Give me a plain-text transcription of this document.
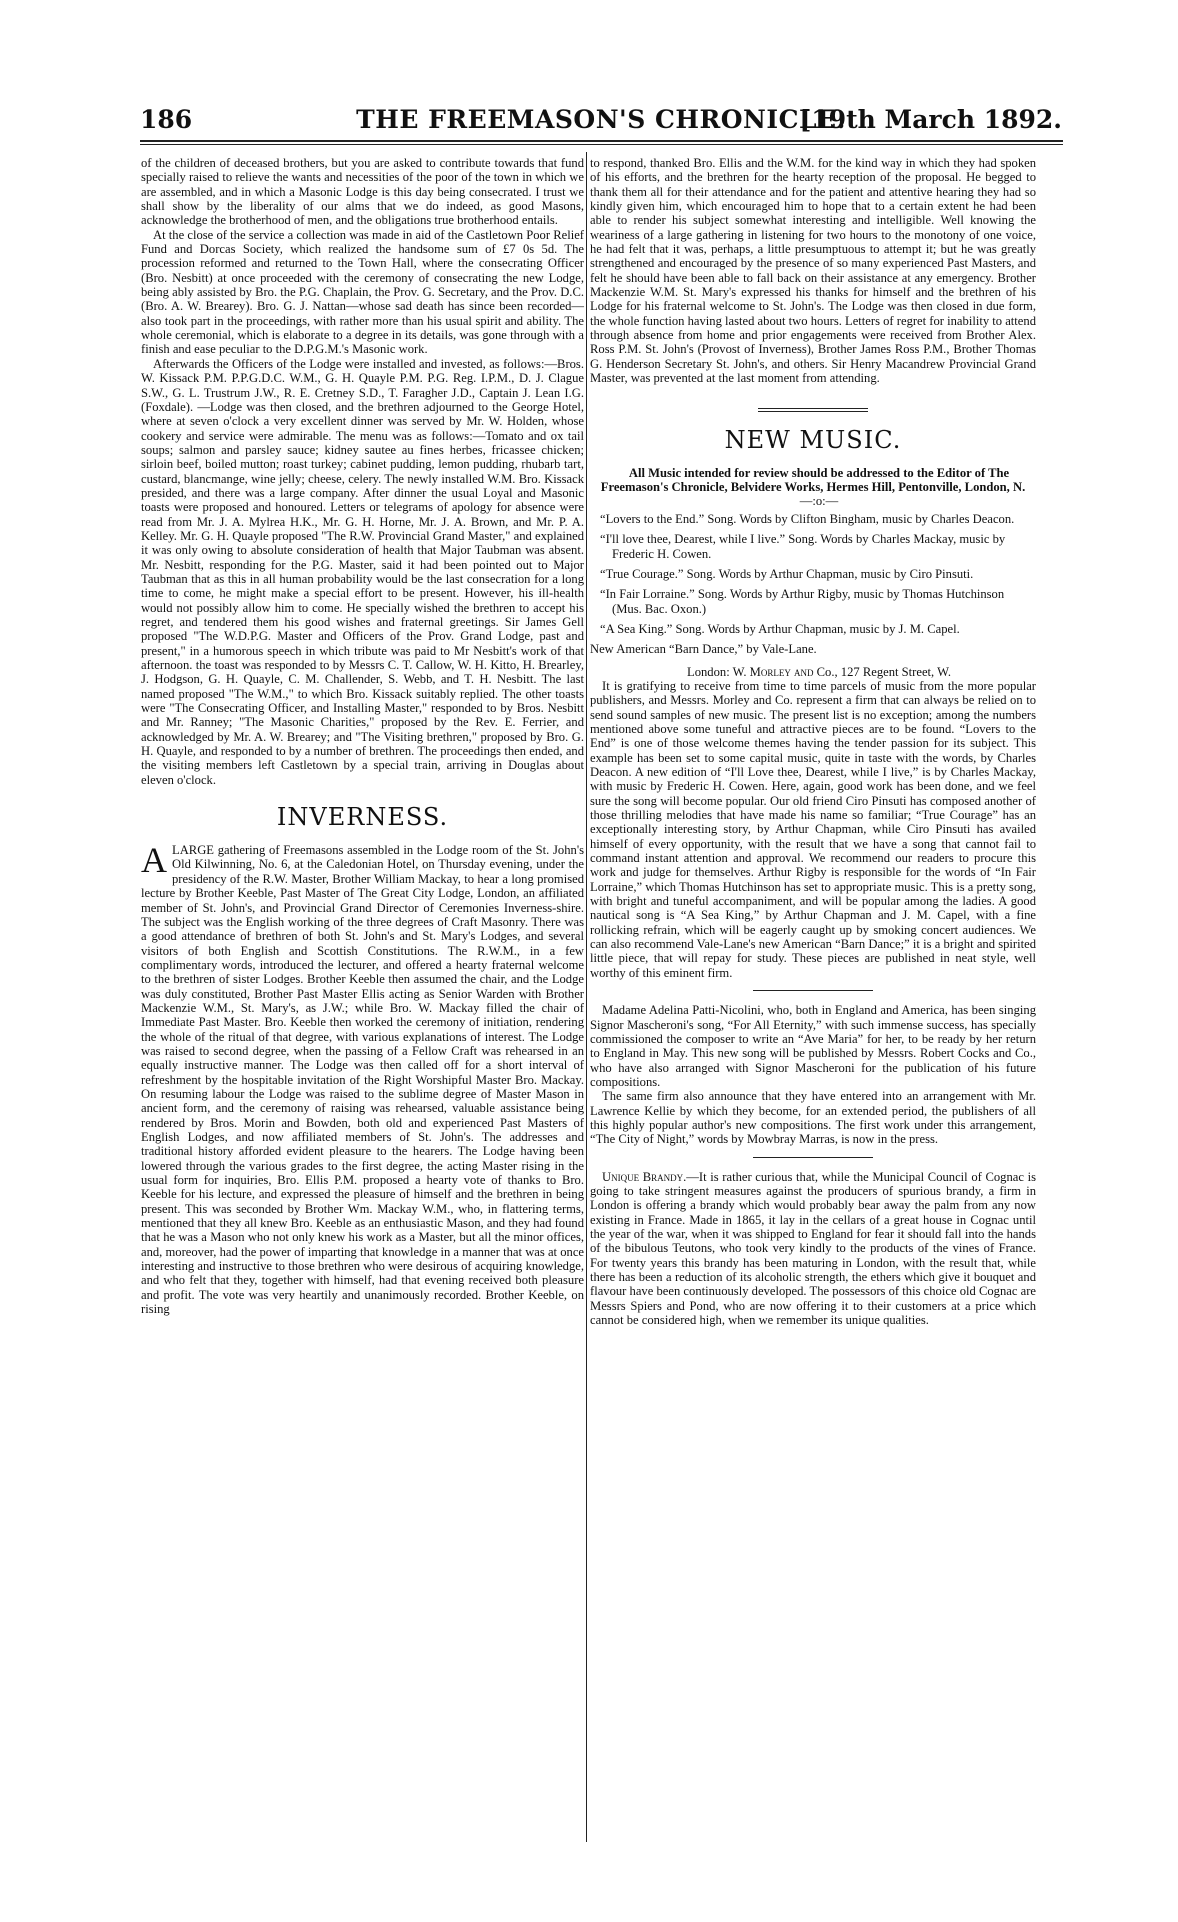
186	THE FREEMASON'S CHRONICLE.
[19th March 1892.

of the children of deceased brothers, but you are asked to contribute towards that fund specially raised to relieve the wants and necessities of the poor of the town in which we are assembled, and in which a Masonic Lodge is this day being consecrated. I trust we shall show by the liberality of our alms that we do indeed, as good Masons, acknowledge the brotherhood of men, and the obligations true brotherhood entails.

At the close of the service a collection was made in aid of the Castletown Poor Relief Fund and Dorcas Society, which realized the handsome sum of £7 0s 5d. The procession reformed and returned to the Town Hall, where the consecrating Officer (Bro. Nesbitt) at once proceeded with the ceremony of consecrating the new Lodge, being ably assisted by Bro. the P.G. Chaplain, the Prov. G. Secretary, and the Prov. D.C. (Bro. A. W. Brearey). Bro. G. J. Nattan—whose sad death has since been recorded—also took part in the proceedings, with rather more than his usual spirit and ability. The whole ceremonial, which is elaborate to a degree in its details, was gone through with a finish and ease peculiar to the D.P.G.M.'s Masonic work.

Afterwards the Officers of the Lodge were installed and invested, as follows:—Bros. W. Kissack P.M. P.P.G.D.C. W.M., G. H. Quayle P.M. P.G. Reg. I.P.M., D. J. Clague S.W., G. L. Trustrum J.W., R. E. Cretney S.D., T. Faragher J.D., Captain J. Lean I.G. (Foxdale). —Lodge was then closed, and the brethren adjourned to the George Hotel, where at seven o'clock a very excellent dinner was served by Mr. W. Holden, whose cookery and service were admirable. The menu was as follows:—Tomato and ox tail soups; salmon and parsley sauce; kidney sautee au fines herbes, fricassee chicken; sirloin beef, boiled mutton; roast turkey; cabinet pudding, lemon pudding, rhubarb tart, custard, blancmange, wine jelly; cheese, celery. The newly installed W.M. Bro. Kissack presided, and there was a large company. After dinner the usual Loyal and Masonic toasts were proposed and honoured. Letters or telegrams of apology for absence were read from Mr. J. A. Mylrea H.K., Mr. G. H. Horne, Mr. J. A. Brown, and Mr. P. A. Kelley. Mr. G. H. Quayle proposed "The R.W. Provincial Grand Master," and explained it was only owing to absolute consideration of health that Major Taubman was absent. Mr. Nesbitt, responding for the P.G. Master, said it had been pointed out to Major Taubman that as this in all human probability would be the last consecration for a long time to come, he might make a special effort to be present. However, his ill-health would not possibly allow him to come. He specially wished the brethren to accept his regret, and tendered them his good wishes and fraternal greetings. Sir James Gell proposed "The W.D.P.G. Master and Officers of the Prov. Grand Lodge, past and present," in a humorous speech in which tribute was paid to Mr Nesbitt's work of that afternoon. the toast was responded to by Messrs C. T. Callow, W. H. Kitto, H. Brearley, J. Hodgson, G. H. Quayle, C. M. Challender, S. Webb, and T. H. Nesbitt. The last named proposed "The W.M.," to which Bro. Kissack suitably replied. The other toasts were "The Consecrating Officer, and Installing Master," responded to by Bros. Nesbitt and Mr. Ranney; "The Masonic Charities," proposed by the Rev. E. Ferrier, and acknowledged by Mr. A. W. Brearey; and "The Visiting brethren," proposed by Bro. G. H. Quayle, and responded to by a number of brethren. The proceedings then ended, and the visiting members left Castletown by a special train, arriving in Douglas about eleven o'clock.

INVERNESS.

ALARGE gathering of Freemasons assembled in the Lodge room of the St. John's Old Kilwinning, No. 6, at the Caledonian Hotel, on Thursday evening, under the presidency of the R.W. Master, Brother William Mackay, to hear a long promised lecture by Brother Keeble, Past Master of The Great City Lodge, London, an affiliated member of St. John's, and Provincial Grand Director of Ceremonies Inverness-shire. The subject was the English working of the three degrees of Craft Masonry. There was a good attendance of brethren of both St. John's and St. Mary's Lodges, and several visitors of both English and Scottish Constitutions. The R.W.M., in a few complimentary words, introduced the lecturer, and offered a hearty fraternal welcome to the brethren of sister Lodges. Brother Keeble then assumed the chair, and the Lodge was duly constituted, Brother Past Master Ellis acting as Senior Warden with Brother Mackenzie W.M., St. Mary's, as J.W.; while Bro. W. Mackay filled the chair of Immediate Past Master. Bro. Keeble then worked the ceremony of initiation, rendering the whole of the ritual of that degree, with various explanations of interest. The Lodge was raised to second degree, when the passing of a Fellow Craft was rehearsed in an equally instructive manner. The Lodge was then called off for a short interval of refreshment by the hospitable invitation of the Right Worshipful Master Bro. Mackay. On resuming labour the Lodge was raised to the sublime degree of Master Mason in ancient form, and the ceremony of raising was rehearsed, valuable assistance being rendered by Bros. Morin and Bowden, both old and experienced Past Masters of English Lodges, and now affiliated members of St. John's. The addresses and traditional history afforded evident pleasure to the hearers. The Lodge having been lowered through the various grades to the first degree, the acting Master rising in the usual form for inquiries, Bro. Ellis P.M. proposed a hearty vote of thanks to Bro. Keeble for his lecture, and expressed the pleasure of himself and the brethren in being present. This was seconded by Brother Wm. Mackay W.M., who, in flattering terms, mentioned that they all knew Bro. Keeble as an enthusiastic Mason, and they had found that he was a Mason who not only knew his work as a Master, but all the minor offices, and, moreover, had the power of imparting that knowledge in a manner that was at once interesting and instructive to those brethren who were desirous of acquiring knowledge, and who felt that they, together with himself, had that evening received both pleasure and profit. The vote was very heartily and unanimously recorded. Brother Keeble, on rising

to respond, thanked Bro. Ellis and the W.M. for the kind way in which they had spoken of his efforts, and the brethren for the hearty reception of the proposal. He begged to thank them all for their attendance and for the patient and attentive hearing they had so kindly given him, which encouraged him to hope that to a certain extent he had been able to render his subject somewhat interesting and intelligible. Well knowing the weariness of a large gathering in listening for two hours to the monotony of one voice, he had felt that it was, perhaps, a little presumptuous to attempt it; but he was greatly strengthened and encouraged by the presence of so many experienced Past Masters, and felt he should have been able to fall back on their assistance at any emergency. Brother Mackenzie W.M. St. Mary's expressed his thanks for himself and the brethren of his Lodge for his fraternal welcome to St. John's. The Lodge was then closed in due form, the whole function having lasted about two hours. Letters of regret for inability to attend through absence from home and prior engagements were received from Brother Alex. Ross P.M. St. John's (Provost of Inverness), Brother James Ross P.M., Brother Thomas G. Henderson Secretary St. John's, and others. Sir Henry Macandrew Provincial Grand Master, was prevented at the last moment from attending.

NEW MUSIC.

All Music intended for review should be addressed to the Editor of The Freemason's Chronicle, Belvidere Works, Hermes Hill, Pentonville, London, N.

—:o:—

“Lovers to the End.” Song. Words by Clifton Bingham, music by Charles Deacon.

“I'll love thee, Dearest, while I live.” Song. Words by Charles Mackay, music by Frederic H. Cowen.

“True Courage.” Song. Words by Arthur Chapman, music by Ciro Pinsuti.

“In Fair Lorraine.” Song. Words by Arthur Rigby, music by Thomas Hutchinson (Mus. Bac. Oxon.)

“A Sea King.” Song. Words by Arthur Chapman, music by J. M. Capel.

New American “Barn Dance,” by Vale-Lane.

London: W. Morley and Co., 127 Regent Street, W.

It is gratifying to receive from time to time parcels of music from the more popular publishers, and Messrs. Morley and Co. represent a firm that can always be relied on to send sound samples of new music. The present list is no exception; among the numbers mentioned above some tuneful and attractive pieces are to be found. “Lovers to the End” is one of those welcome themes having the tender passion for its subject. This example has been set to some capital music, quite in taste with the words, by Charles Deacon. A new edition of “I'll Love thee, Dearest, while I live,” is by Charles Mackay, with music by Frederic H. Cowen. Here, again, good work has been done, and we feel sure the song will become popular. Our old friend Ciro Pinsuti has composed another of those thrilling melodies that have made his name so familiar; “True Courage” has an exceptionally interesting story, by Arthur Chapman, while Ciro Pinsuti has availed himself of every opportunity, with the result that we have a song that cannot fail to command instant attention and approval. We recommend our readers to procure this work and judge for themselves. Arthur Rigby is responsible for the words of “In Fair Lorraine,” which Thomas Hutchinson has set to appropriate music. This is a pretty song, with bright and tuneful accompaniment, and will be popular among the ladies. A good nautical song is “A Sea King,” by Arthur Chapman and J. M. Capel, with a fine rollicking refrain, which will be eagerly caught up by smoking concert audiences. We can also recommend Vale-Lane's new American “Barn Dance;” it is a bright and spirited little piece, that will repay for study. These pieces are published in neat style, well worthy of this eminent firm.

Madame Adelina Patti-Nicolini, who, both in England and America, has been singing Signor Mascheroni's song, “For All Eternity,” with such immense success, has specially commissioned the composer to write an “Ave Maria” for her, to be ready by her return to England in May. This new song will be published by Messrs. Robert Cocks and Co., who have also arranged with Signor Mascheroni for the publication of his future compositions.

The same firm also announce that they have entered into an arrangement with Mr. Lawrence Kellie by which they become, for an extended period, the publishers of all this highly popular author's new compositions. The first work under this arrangement, “The City of Night,” words by Mowbray Marras, is now in the press.

Unique Brandy.—It is rather curious that, while the Municipal Council of Cognac is going to take stringent measures against the producers of spurious brandy, a firm in London is offering a brandy which would probably bear away the palm from any now existing in France. Made in 1865, it lay in the cellars of a great house in Cognac until the year of the war, when it was shipped to England for fear it should fall into the hands of the bibulous Teutons, who took very kindly to the products of the vines of France. For twenty years this brandy has been maturing in London, with the result that, while there has been a reduction of its alcoholic strength, the ethers which give it bouquet and flavour have been continuously developed. The possessors of this choice old Cognac are Messrs Spiers and Pond, who are now offering it to their customers at a price which cannot be considered high, when we remember its unique qualities.
